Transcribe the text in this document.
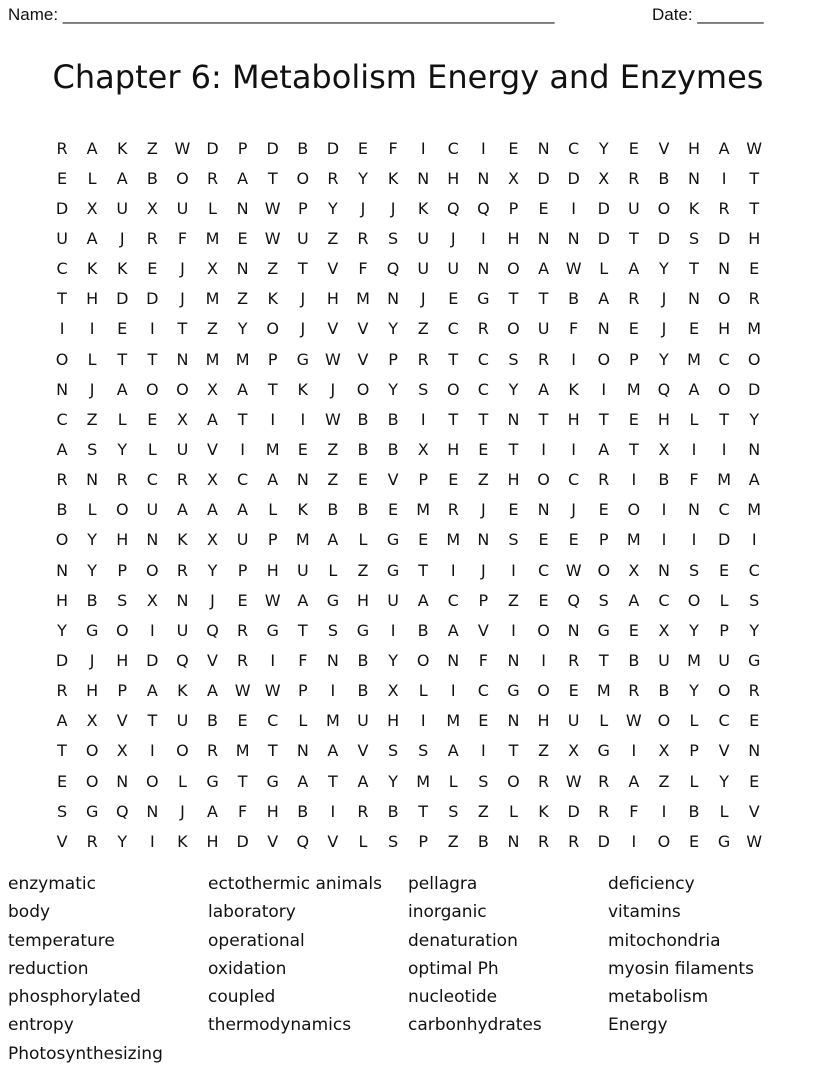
Name: ____________________________________________________	Date: _______
Chapter 6: Metabolism Energy and Enzymes
R	A	K	Z	W	D	P	D	B	D	E	F	I	C	I	E	N	C	Y	E	V	H	A	W
E	L	A	B	O	R	A	T	O	R	Y	K	N	H	N	X	D	D	X	R	B	N	I	T
D	X	U	X	U	L	N	W	P	Y	J	J	K	Q	Q	P	E	I	D	U	O	K	R	T
U	A	J	R	F	M	E	W	U	Z	R	S	U	J	I	H	N	N	D	T	D	S	D	H
C	K	K	E	J	X	N	Z	T	V	F	Q	U	U	N	O	A	W	L	A	Y	T	N	E
T	H	D	D	J	M	Z	K	J	H	M	N	J	E	G	T	T	B	A	R	J	N	O	R
I	I	E	I	T	Z	Y	O	J	V	V	Y	Z	C	R	O	U	F	N	E	J	E	H	M
O	L	T	T	N	M	M	P	G W	V	P	R	T	C	S	R	I	O	P	Y	M	C	O
N	J	A	O	O	X	A	T	K	J	O	Y	S	O	C	Y	A	K	I	M	Q	A	O	D
C	Z	L	E	X	A	T	I	I	W	B	B	I	T	T	N	T	H	T	E	H	L	T	Y
A	S	Y	L	U	V	I	M	E	Z	B	B	X	H	E	T	I	I	A	T	X	I	I	N
R	N	R	C	R	X	C	A	N	Z	E	V	P	E	Z	H	O	C	R	I	B	F	M	A
B	L	O	U	A	A	A	L	K	B	B	E	M	R	J	E	N	J	E	O	I	N	C	M
O	Y	H	N	K	X	U	P	M	A	L	G	E	M	N	S	E	E	P	M	I	I	D	I
N	Y	P	O	R	Y	P	H	U	L	Z	G	T	I	J	I	C	W O	X	N	S	E	C
H	B	S	X	N	J	E	W	A	G	H	U	A	C	P	Z	E	Q	S	A	C	O	L	S
Y	G	O	I	U	Q	R	G	T	S	G	I	B	A	V	I	O	N	G	E	X	Y	P	Y
D	J	H	D	Q	V	R	I	F	N	B	Y	O	N	F	N	I	R	T	B	U	M	U	G
R	H	P	A	K	A	W W	P	I	B	X	L	I	C	G	O	E	M	R	B	Y	O	R
A	X	V	T	U	B	E	C	L	M	U	H	I	M	E	N	H	U	L	W O	L	C	E
T	O	X	I	O	R	M	T	N	A	V	S	S	A	I	T	Z	X	G	I	X	P	V	N
E	O	N	O	L	G	T	G	A	T	A	Y	M	L	S	O	R	W	R	A	Z	L	Y	E
S	G	Q	N	J	A	F	H	B	I	R	B	T	S	Z	L	K	D	R	F	I	B	L	V
V	R	Y	I	K	H	D	V	Q	V	L	S	P	Z	B	N	R	R	D	I	O	E	G W
enzymatic	ectothermic animals	pellagra	deficiency
body	laboratory	inorganic	vitamins
temperature	operational	denaturation	mitochondria
reduction	oxidation	optimal Ph	myosin filaments
phosphorylated	coupled	nucleotide	metabolism
entropy	thermodynamics	carbonhydrates	Energy
Photosynthesizing
